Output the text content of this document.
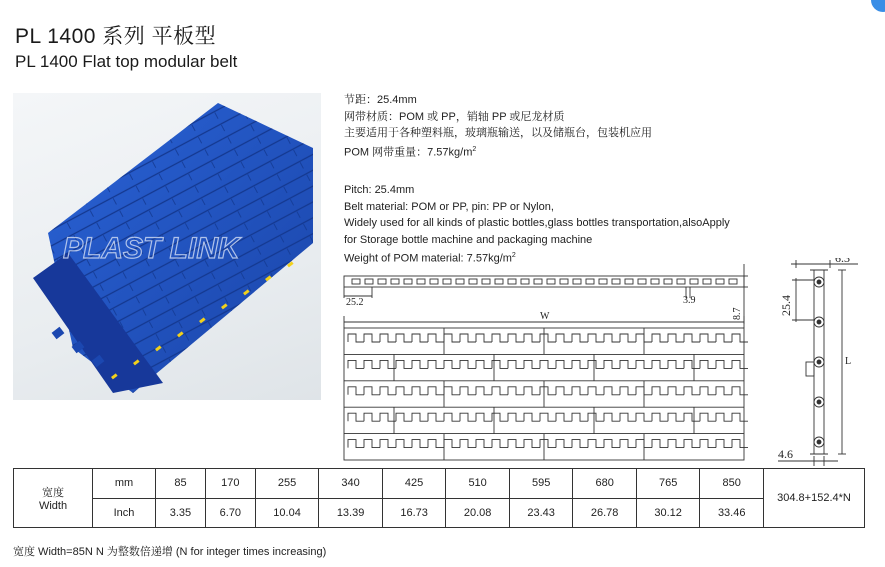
PL 1400 系列 平板型
PL 1400 Flat top modular belt
PLAST LINK
节距：25.4mm
网带材质：POM 或 PP，销轴 PP 或尼龙材质
主要适用于各种塑料瓶，玻璃瓶输送，以及储瓶台，包装机应用
POM 网带重量：$7.57kg/m^2$
Pitch: 25.4mm
Belt material: POM or PP, pin: PP or Nylon,
Widely used for all kinds of plastic bottles,glass bottles transportation,alsoApply
for Storage bottle machine and packaging machine
Weight of POM material: $7.57kg/m^2$
25.2	3.9
W	8.7
6.3
25.4
L
4.6
宽度
Width	mm	85	170	255	340	425	510	595	680	765	850	304.8+152.4*N
	Inch	3.35	6.70	10.04	13.39	16.73	20.08	23.43	26.78	30.12	33.46	
宽度 Width=85N N 为整数倍递增 (N for integer times increasing)
